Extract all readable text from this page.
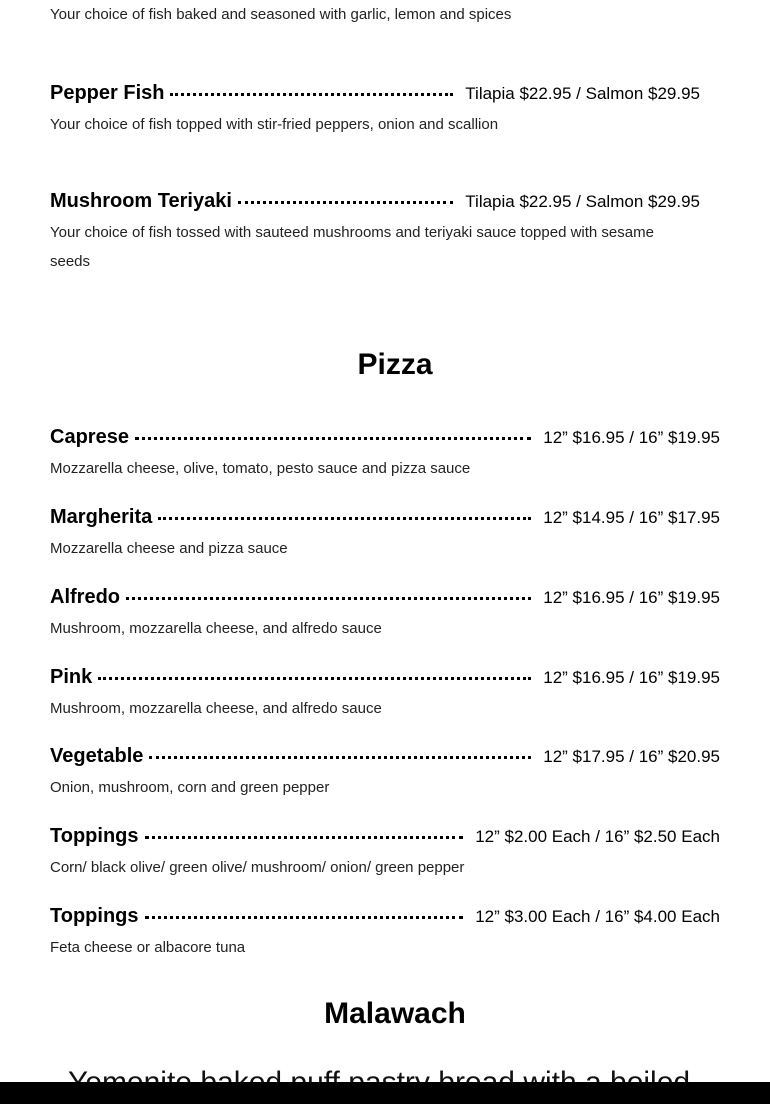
Your choice of fish baked and seasoned with garlic, lemon and spices
Pepper Fish	Tilapia $22.95 / Salmon $29.95
Your choice of fish topped with stir-fried peppers, onion and scallion
Mushroom Teriyaki	Tilapia $22.95 / Salmon $29.95
Your choice of fish tossed with sauteed mushrooms and teriyaki sauce topped with sesame seeds
Pizza
Caprese	12” $16.95 / 16” $19.95
Mozzarella cheese, olive, tomato, pesto sauce and pizza sauce
Margherita	12” $14.95 / 16” $17.95
Mozzarella cheese and pizza sauce
Alfredo	12” $16.95 / 16” $19.95
Mushroom, mozzarella cheese, and alfredo sauce
Pink	12” $16.95 / 16” $19.95
Mushroom, mozzarella cheese, and alfredo sauce
Vegetable	12” $17.95 / 16” $20.95
Onion, mushroom, corn and green pepper
Toppings	12” $2.00 Each / 16” $2.50 Each
Corn/ black olive/ green olive/ mushroom/ onion/ green pepper
Toppings	12” $3.00 Each / 16” $4.00 Each
Feta cheese or albacore tuna
Malawach
